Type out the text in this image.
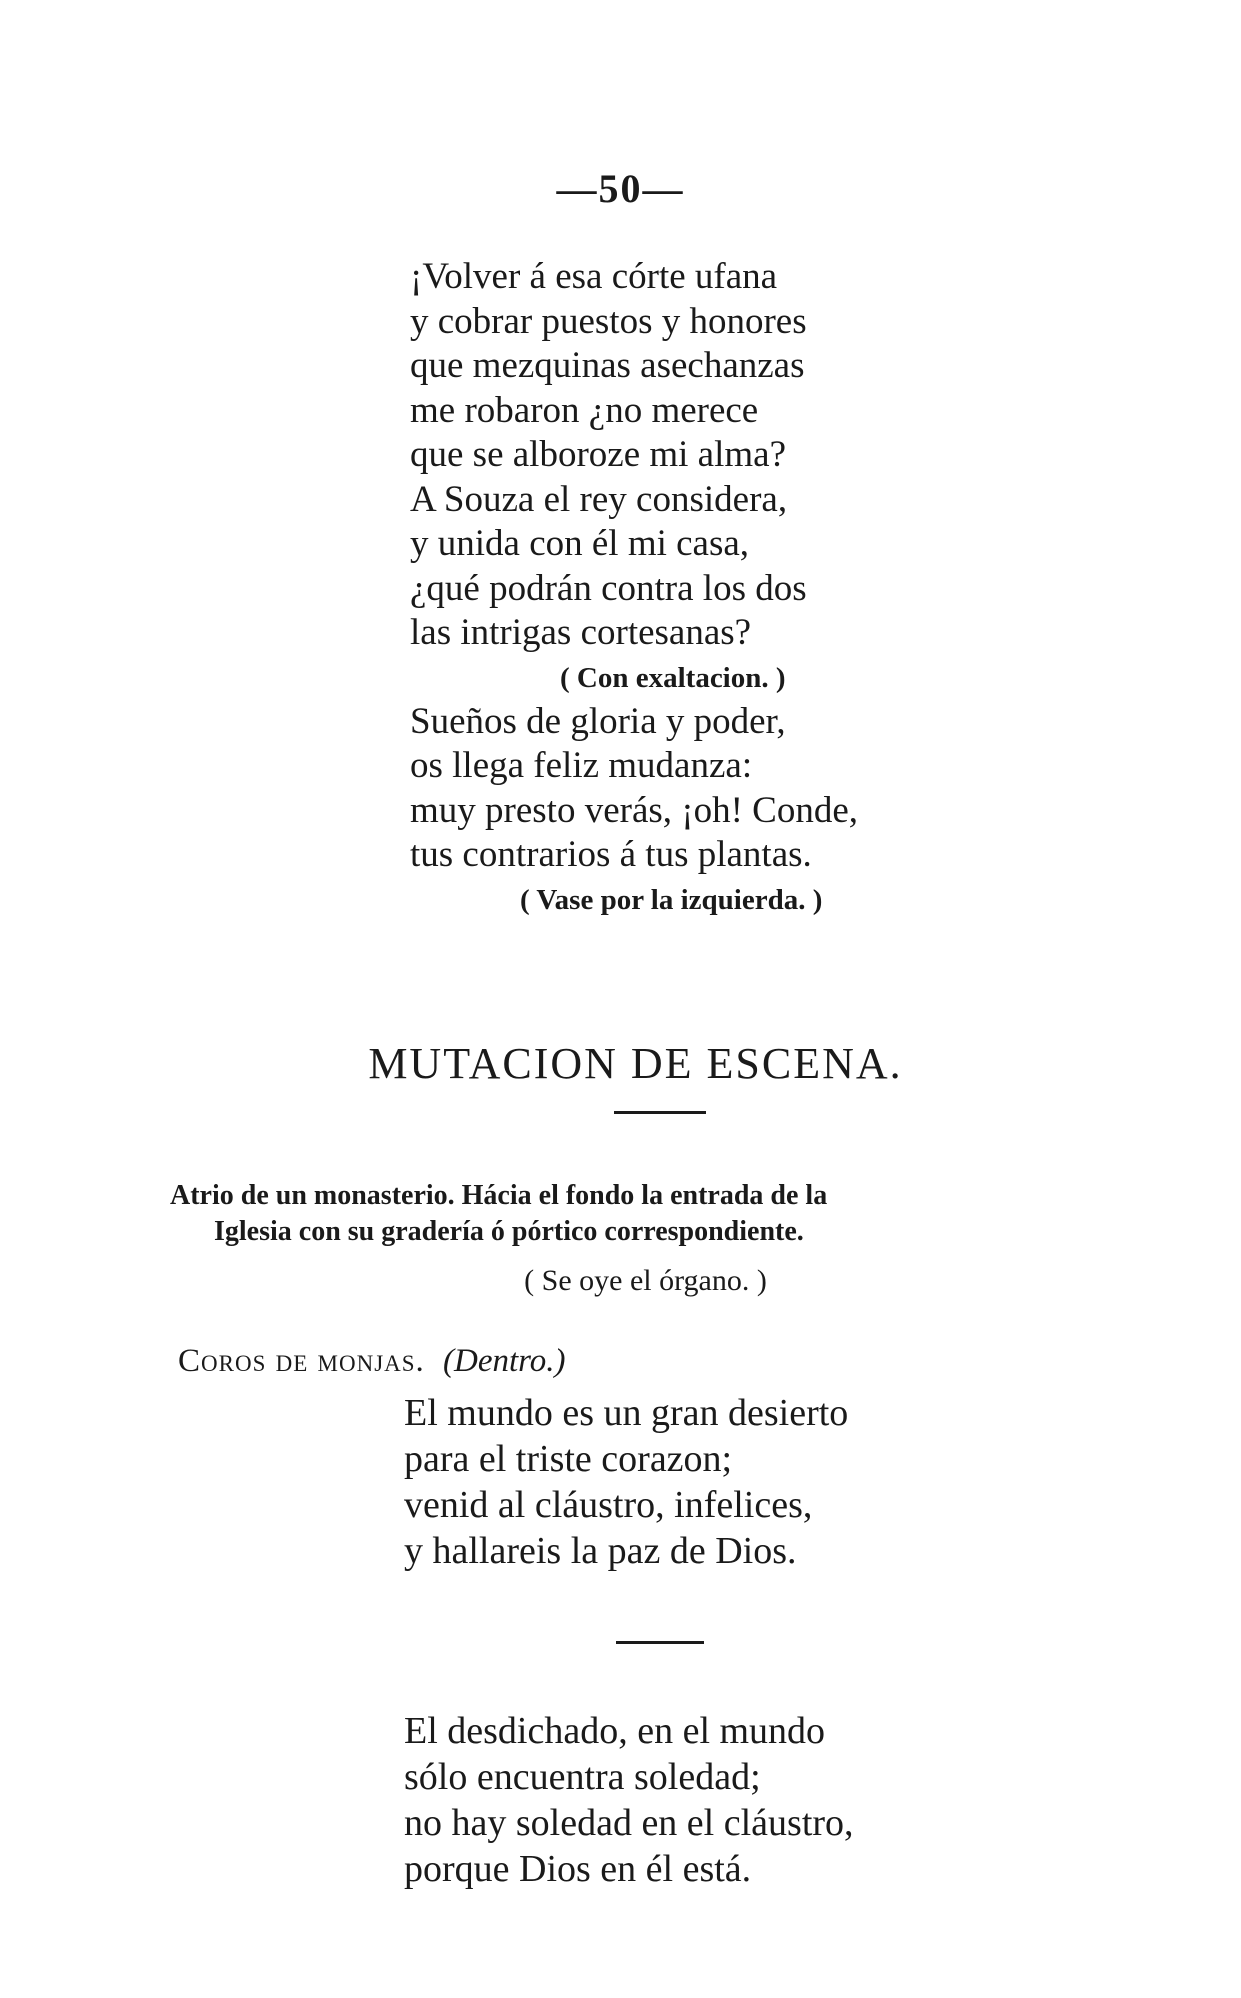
—50—
¡Volver á esa córte ufana
y cobrar puestos y honores
que mezquinas asechanzas
me robaron ¿no merece
que se alboroze mi alma?
A Souza el rey considera,
y unida con él mi casa,
¿qué podrán contra los dos
las intrigas cortesanas?
( Con exaltacion. )
Sueños de gloria y poder,
os llega feliz mudanza:
muy presto verás, ¡oh! Conde,
tus contrarios á tus plantas.
( Vase por la izquierda. )
MUTACION DE ESCENA.
Atrio de un monasterio. Hácia el fondo la entrada de la
Iglesia con su gradería ó pórtico correspondiente.
( Se oye el órgano. )
Coros de monjas. (Dentro.)
El mundo es un gran desierto
para el triste corazon;
venid al cláustro, infelices,
y hallareis la paz de Dios.
El desdichado, en el mundo
sólo encuentra soledad;
no hay soledad en el cláustro,
porque Dios en él está.
